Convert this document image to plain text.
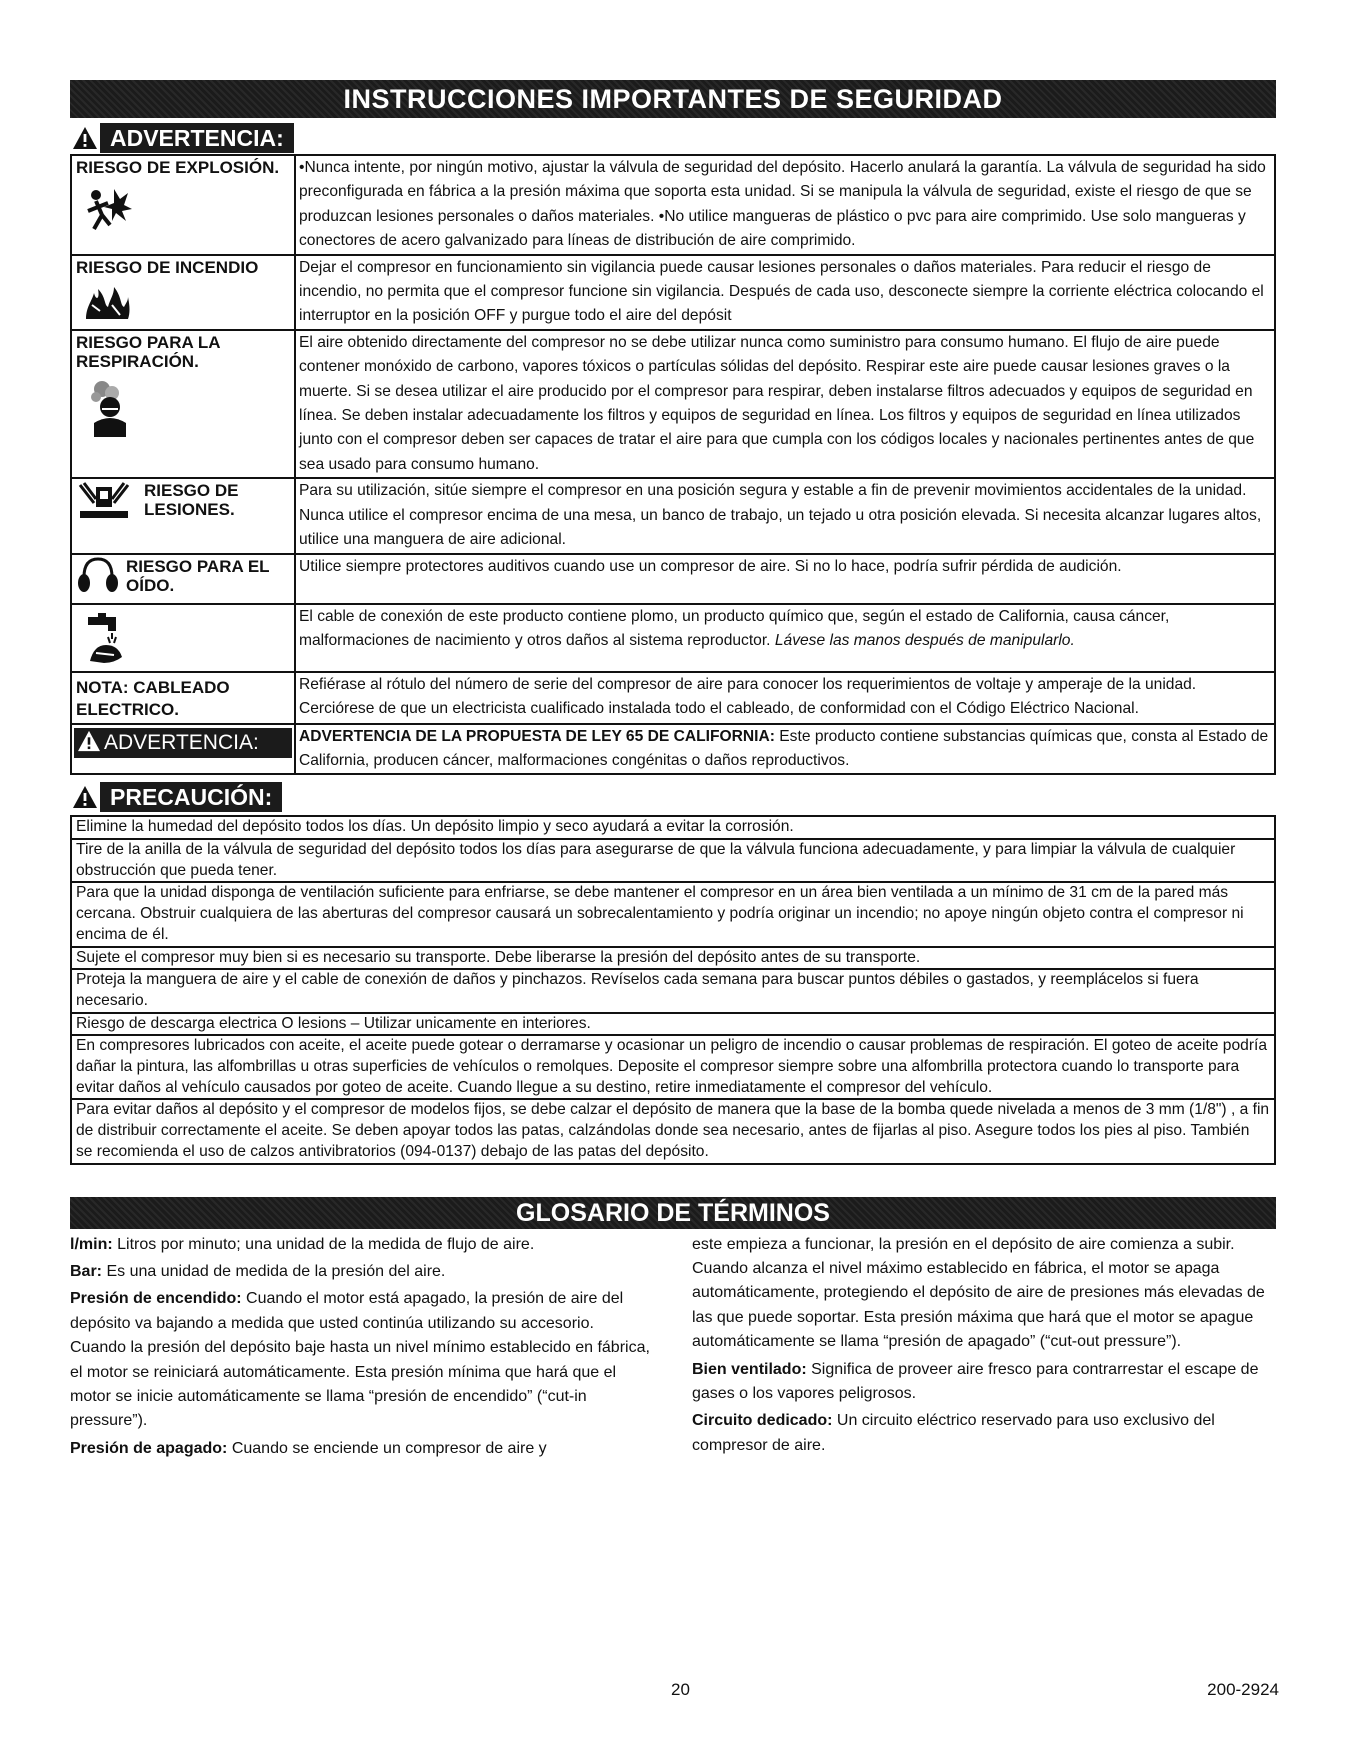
INSTRUCCIONES IMPORTANTES DE SEGURIDAD
ADVERTENCIA:
RIESGO DE EXPLOSIÓN.	•Nunca intente, por ningún motivo, ajustar la válvula de seguridad del depósito. Hacerlo anulará la garantía. La válvula de seguridad ha sido preconfigurada en fábrica a la presión máxima que soporta esta unidad. Si se manipula la válvula de seguridad, existe el riesgo de que se produzcan lesiones personales o daños materiales. •No utilice mangueras de plástico o pvc para aire comprimido. Use solo mangueras y conectores de acero galvanizado para líneas de distribución de aire comprimido.
RIESGO DE INCENDIO	Dejar el compresor en funcionamiento sin vigilancia puede causar lesiones personales o daños materiales. Para reducir el riesgo de incendio, no permita que el compresor funcione sin vigilancia. Después de cada uso, desconecte siempre la corriente eléctrica colocando el interruptor en la posición OFF y purgue todo el aire del depósit
RIESGO PARA LA RESPIRACIÓN.	El aire obtenido directamente del compresor no se debe utilizar nunca como suministro para consumo humano. El flujo de aire puede contener monóxido de carbono, vapores tóxicos o partículas sólidas del depósito. Respirar este aire puede causar lesiones graves o la muerte. Si se desea utilizar el aire producido por el compresor para respirar, deben instalarse filtros adecuados y equipos de seguridad en línea. Se deben instalar adecuadamente los filtros y equipos de seguridad en línea. Los filtros y equipos de seguridad en línea utilizados junto con el compresor deben ser capaces de tratar el aire para que cumpla con los códigos locales y nacionales pertinentes antes de que sea usado para consumo humano.

RIESGO DE LESIONES.	Para su utilización, sitúe siempre el compresor en una posición segura y estable a fin de prevenir movimientos accidentales de la unidad. Nunca utilice el compresor encima de una mesa, un banco de trabajo, un tejado u otra posición elevada. Si necesita alcanzar lugares altos, utilice una manguera de aire adicional.

RIESGO PARA EL OÍDO.	Utilice siempre protectores auditivos cuando use un compresor de aire. Si no lo hace, podría sufrir pérdida de audición.

	El cable de conexión de este producto contiene plomo, un producto químico que, según el estado de California, causa cáncer, malformaciones de nacimiento y otros daños al sistema reproductor. Lávese las manos después de manipularlo.
NOTA: CABLEADO ELECTRICO.	Refiérase al rótulo del número de serie del compresor de aire para conocer los requerimientos de voltaje y amperaje de la unidad. Cerciórese de que un electricista cualificado instalada todo el cableado, de conformidad con el Código Eléctrico Nacional.

ADVERTENCIA:	ADVERTENCIA DE LA PROPUESTA DE LEY 65 DE CALIFORNIA: Este producto contiene substancias químicas que, consta al Estado de California, producen cáncer, malformaciones congénitas o daños reproductivos.
PRECAUCIÓN:
Elimine la humedad del depósito todos los días. Un depósito limpio y seco ayudará a evitar la corrosión.
Tire de la anilla de la válvula de seguridad del depósito todos los días para asegurarse de que la válvula funciona adecuadamente, y para limpiar la válvula de cualquier obstrucción que pueda tener.
Para que la unidad disponga de ventilación suficiente para enfriarse, se debe mantener el compresor en un área bien ventilada a un mínimo de 31 cm de la pared más cercana. Obstruir cualquiera de las aberturas del compresor causará un sobrecalentamiento y podría originar un incendio; no apoye ningún objeto contra el compresor ni encima de él.
Sujete el compresor muy bien si es necesario su transporte. Debe liberarse la presión del depósito antes de su transporte.
Proteja la manguera de aire y el cable de conexión de daños y pinchazos. Revíselos cada semana para buscar puntos débiles o gastados, y reemplácelos si fuera necesario.
Riesgo de descarga electrica O lesions – Utilizar unicamente en interiores.
En compresores lubricados con aceite, el aceite puede gotear o derramarse y ocasionar un peligro de incendio o causar problemas de respiración. El goteo de aceite podría dañar la pintura, las alfombrillas u otras superficies de vehículos o remolques. Deposite el compresor siempre sobre una alfombrilla protectora cuando lo transporte para evitar daños al vehículo causados por goteo de aceite. Cuando llegue a su destino, retire inmediatamente el compresor del vehículo.
Para evitar daños al depósito y el compresor de modelos fijos, se debe calzar el depósito de manera que la base de la bomba quede nivelada a menos de 3 mm (1/8") , a fin de distribuir correctamente el aceite. Se deben apoyar todos las patas, calzándolas donde sea necesario, antes de fijarlas al piso. Asegure todos los pies al piso. También se recomienda el uso de calzos antivibratorios (094-0137) debajo de las patas del depósito.
GLOSARIO DE TÉRMINOS

l/min: Litros por minuto; una unidad de la medida de flujo de aire.

Bar: Es una unidad de medida de la presión del aire.

Presión de encendido: Cuando el motor está apagado, la presión de aire del depósito va bajando a medida que usted continúa utilizando su accesorio. Cuando la presión del depósito baje hasta un nivel mínimo establecido en fábrica, el motor se reiniciará automáticamente. Esta presión mínima que hará que el motor se inicie automáticamente se llama “presión de encendido” (“cut-in pressure”).

Presión de apagado: Cuando se enciende un compresor de aire y

este empieza a funcionar, la presión en el depósito de aire comienza a subir. Cuando alcanza el nivel máximo establecido en fábrica, el motor se apaga automáticamente, protegiendo el depósito de aire de presiones más elevadas de las que puede soportar. Esta presión máxima que hará que el motor se apague automáticamente se llama “presión de apagado” (“cut-out pressure”).

Bien ventilado: Significa de proveer aire fresco para contrarrestar el escape de gases o los vapores peligrosos.

Circuito dedicado: Un circuito eléctrico reservado para uso exclusivo del compresor de aire.

20	200-2924
